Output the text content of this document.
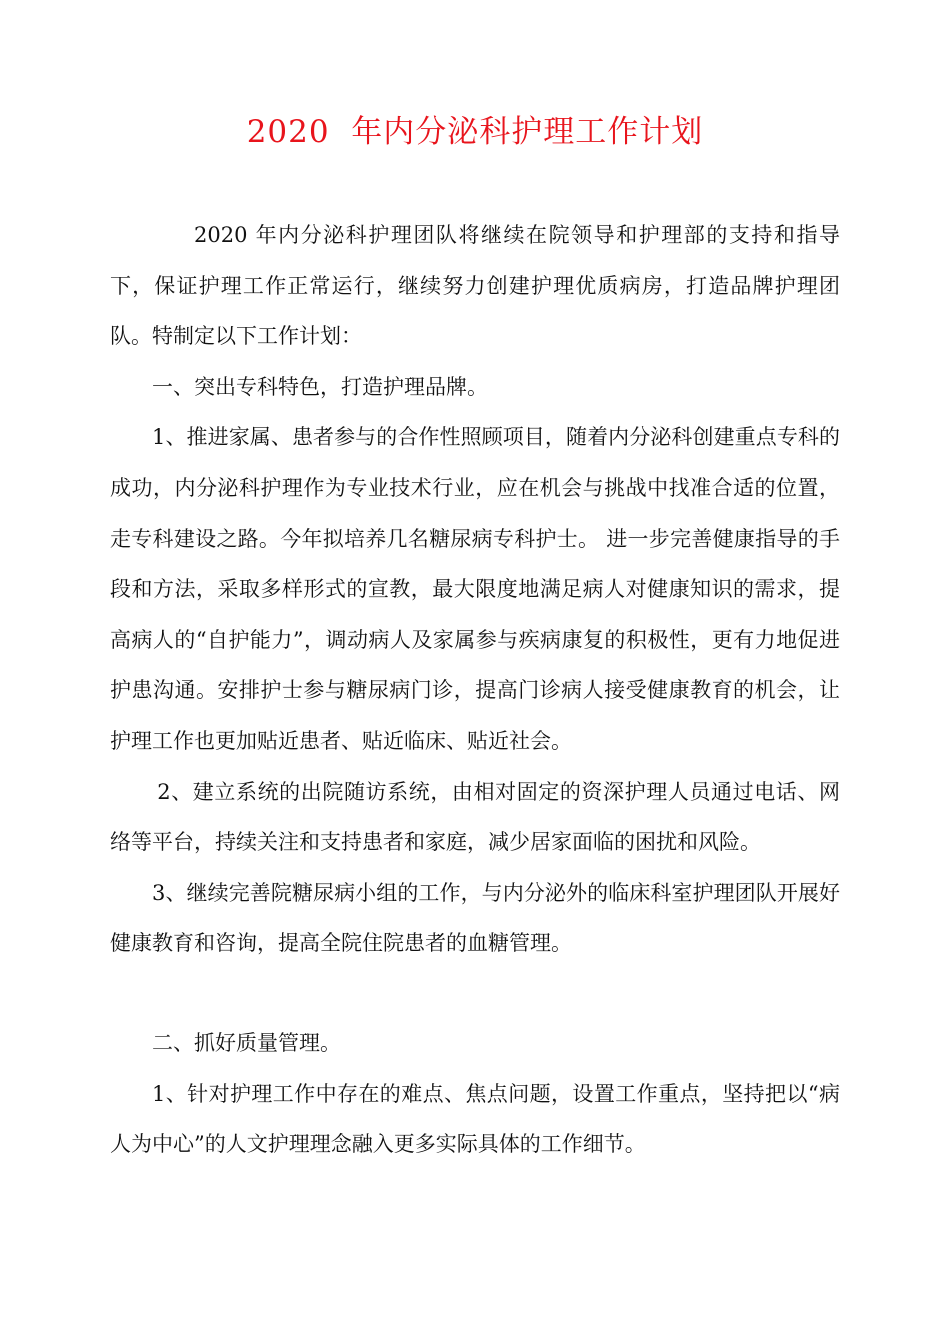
2020  年内分泌科护理工作计划

2020 年内分泌科护理团队将继续在院领导和护理部的支持和指导下，保证护理工作正常运行，继续努力创建护理优质病房，打造品牌护理团队。特制定以下工作计划：

一、突出专科特色，打造护理品牌。

1、推进家属、患者参与的合作性照顾项目，随着内分泌科创建重点专科的成功，内分泌科护理作为专业技术行业，应在机会与挑战中找准合适的位置，走专科建设之路。今年拟培养几名糖尿病专科护士。 进一步完善健康指导的手段和方法，采取多样形式的宣教，最大限度地满足病人对健康知识的需求，提高病人的“自护能力”，调动病人及家属参与疾病康复的积极性，更有力地促进护患沟通。安排护士参与糖尿病门诊，提高门诊病人接受健康教育的机会，让护理工作也更加贴近患者、贴近临床、贴近社会。

2、建立系统的出院随访系统，由相对固定的资深护理人员通过电话、网络等平台，持续关注和支持患者和家庭，减少居家面临的困扰和风险。

3、继续完善院糖尿病小组的工作，与内分泌外的临床科室护理团队开展好健康教育和咨询，提高全院住院患者的血糖管理。

二、抓好质量管理。

1、针对护理工作中存在的难点、焦点问题，设置工作重点，坚持把以“病人为中心”的人文护理理念融入更多实际具体的工作细节。
